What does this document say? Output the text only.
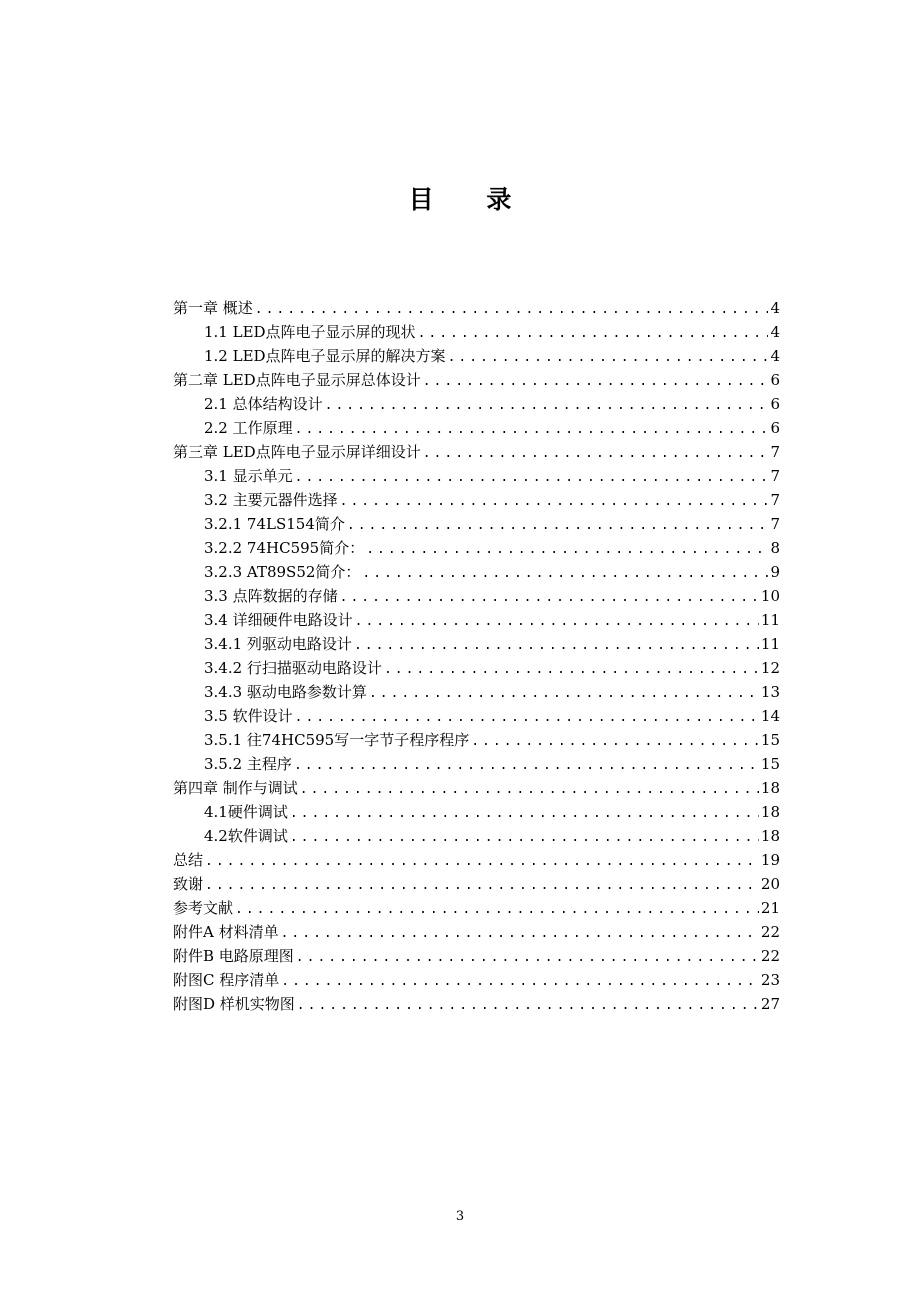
目 录
第一章 概述 .....	4
1.1 LED点阵电子显示屏的现状 .....	4
1.2 LED点阵电子显示屏的解决方案 .....	4
第二章 LED点阵电子显示屏总体设计 .....	6
2.1 总体结构设计 .....	6
2.2 工作原理 .....	6
第三章 LED点阵电子显示屏详细设计 .....	7
3.1 显示单元 .....	7
3.2 主要元器件选择 .....	7
3.2.1 74LS154简介 .....	7
3.2.2 74HC595简介： .....	8
3.2.3 AT89S52简介： .....	9
3.3 点阵数据的存储 .....	10
3.4 详细硬件电路设计 .....	11
3.4.1 列驱动电路设计 .....	11
3.4.2 行扫描驱动电路设计 .....	12
3.4.3 驱动电路参数计算 .....	13
3.5 软件设计 .....	14
3.5.1 往74HC595写一字节子程序程序 .....	15
3.5.2 主程序 .....	15
第四章 制作与调试 .....	18
4.1硬件调试 .....	18
4.2软件调试 .....	18
总结 .....	19
致谢 .....	20
参考文献 .....	21
附件A 材料清单 .....	22
附件B 电路原理图 .....	22
附图C 程序清单 .....	23
附图D 样机实物图 .....	27
3
